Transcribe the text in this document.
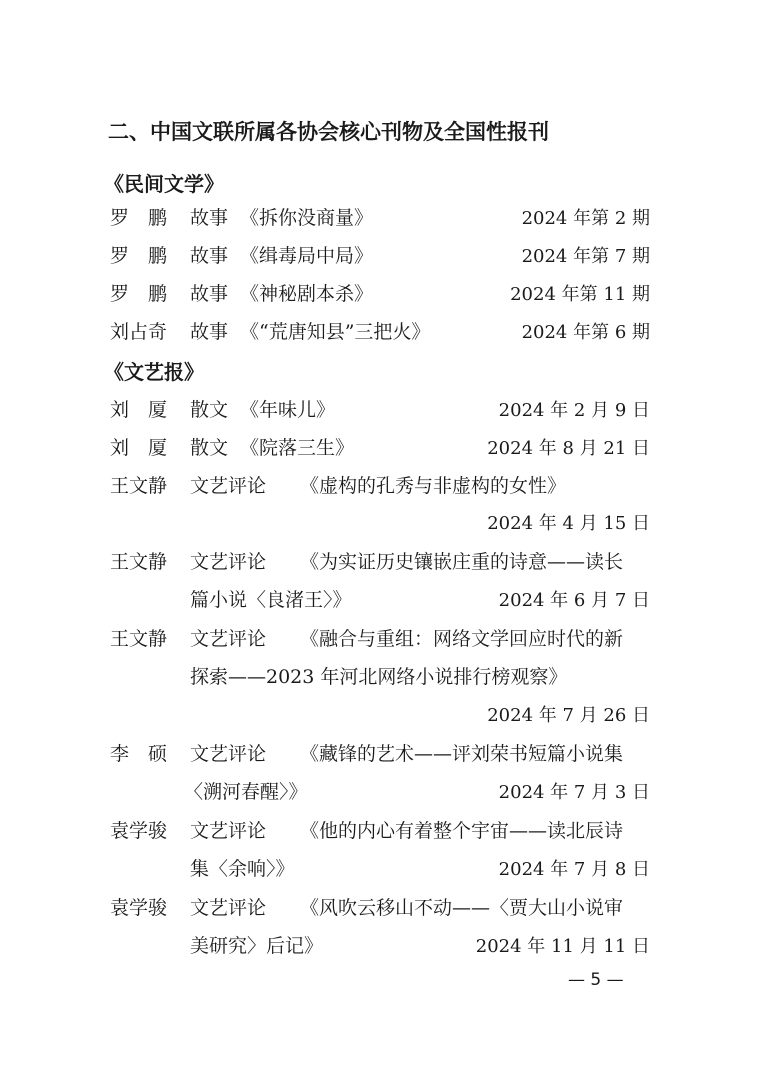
二、中国文联所属各协会核心刊物及全国性报刊
《民间文学》
罗　鹏 故事 《拆你没商量》	2024 年第 2 期
罗　鹏 故事 《缉毒局中局》	2024 年第 7 期
罗　鹏 故事 《神秘剧本杀》	2024 年第 11 期
刘占奇 故事 《“荒唐知县”三把火》	2024 年第 6 期
《文艺报》
刘　厦 散文 《年味儿》	2024 年 2 月 9 日
刘　厦 散文 《院落三生》	2024 年 8 月 21 日
王文静 文艺评论 《虚构的孔秀与非虚构的女性》
2024 年 4 月 15 日
王文静 文艺评论 《为实证历史镶嵌庄重的诗意——读长
篇小说〈良渚王〉》	2024 年 6 月 7 日
王文静 文艺评论 《融合与重组：网络文学回应时代的新
探索——2023 年河北网络小说排行榜观察》
2024 年 7 月 26 日
李　硕 文艺评论 《藏锋的艺术——评刘荣书短篇小说集
〈溯河春醒〉》	2024 年 7 月 3 日
袁学骏 文艺评论 《他的内心有着整个宇宙——读北辰诗
集〈余响〉》	2024 年 7 月 8 日
袁学骏 文艺评论 《风吹云移山不动——〈贾大山小说审
美研究〉后记》	2024 年 11 月 11 日
— 5 —
